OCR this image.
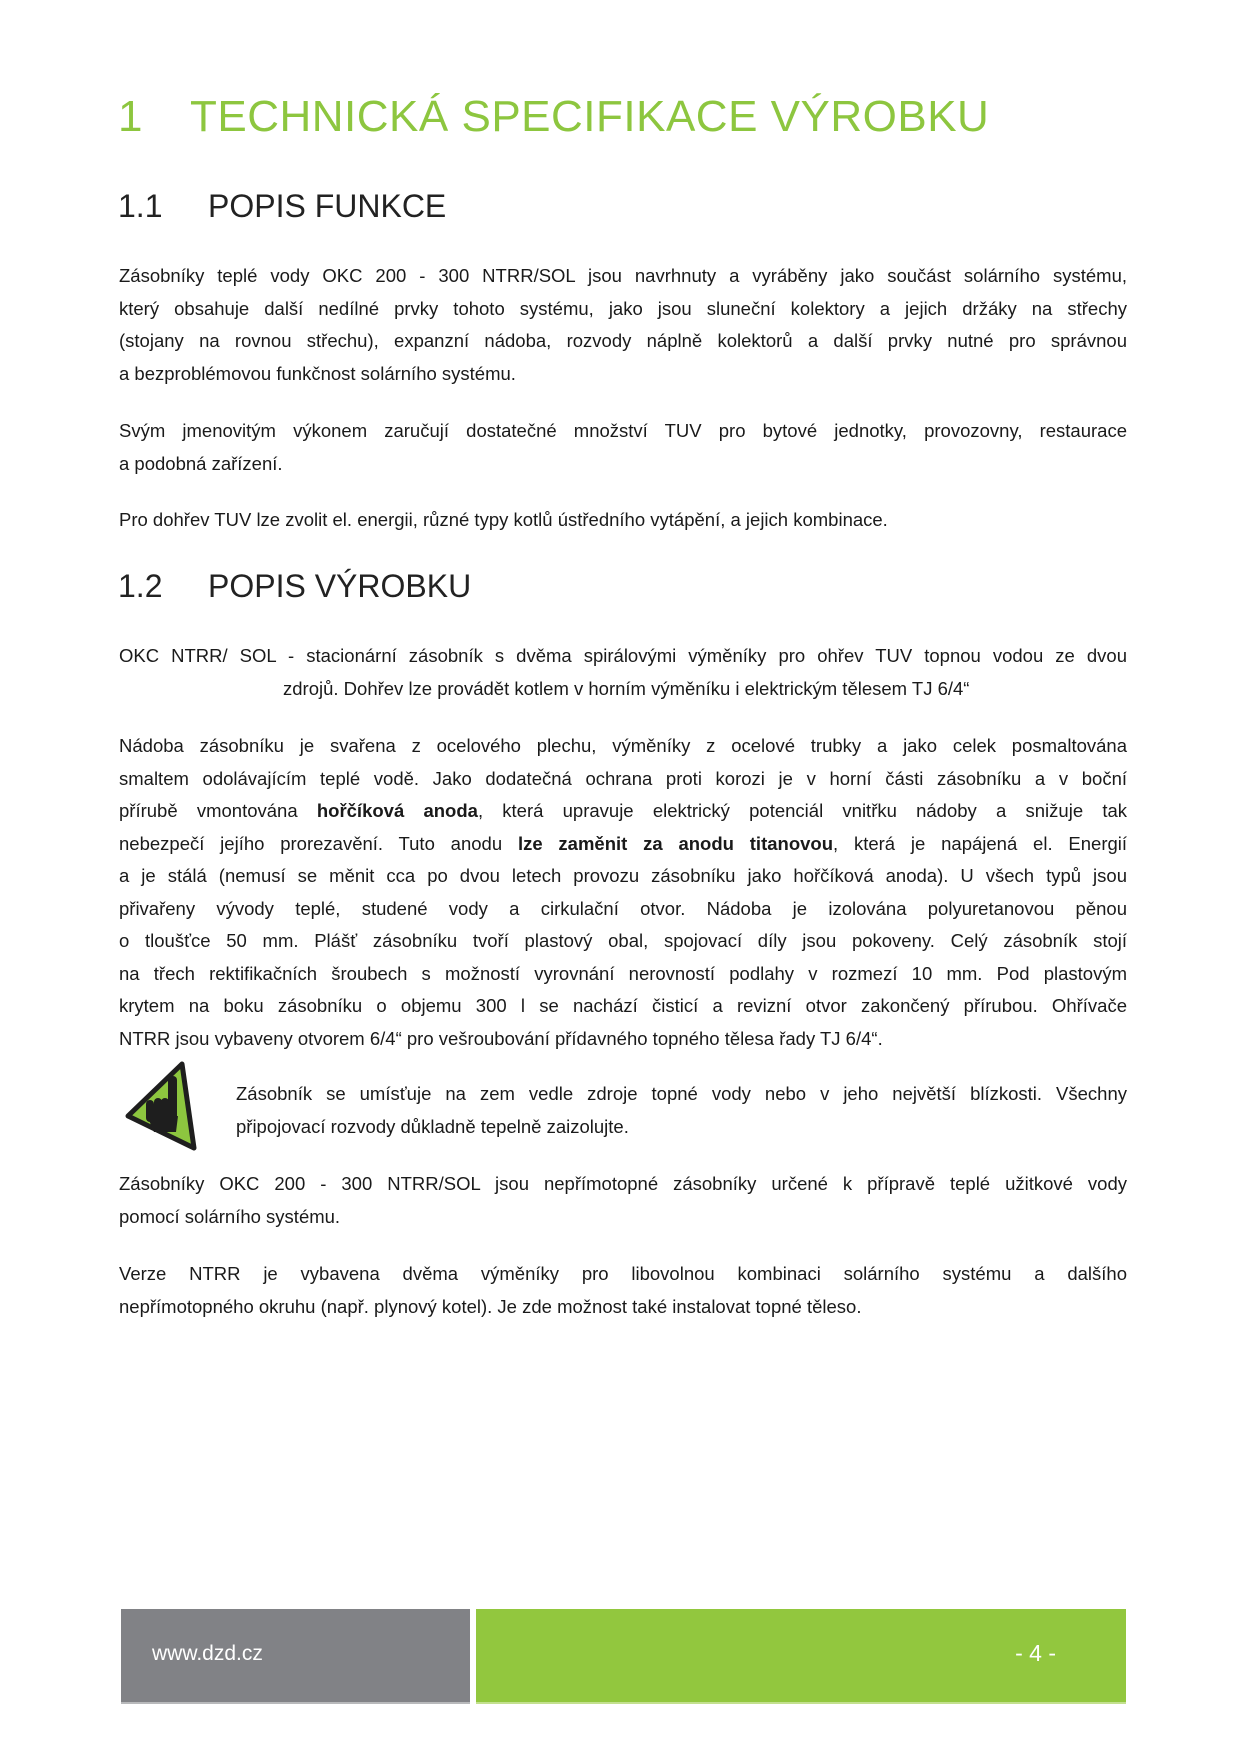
1 TECHNICKÁ SPECIFIKACE VÝROBKU
1.1 POPIS FUNKCE
Zásobníky teplé vody OKC 200 - 300 NTRR/SOL jsou navrhnuty a vyráběny jako součást solárního systému,
který obsahuje další nedílné prvky tohoto systému, jako jsou sluneční kolektory a jejich držáky na střechy
(stojany na rovnou střechu), expanzní nádoba, rozvody náplně kolektorů a další prvky nutné pro správnou
a bezproblémovou funkčnost solárního systému.
Svým jmenovitým výkonem zaručují dostatečné množství TUV pro bytové jednotky, provozovny, restaurace
a podobná zařízení.
Pro dohřev TUV lze zvolit el. energii, různé typy kotlů ústředního vytápění, a jejich kombinace.
1.2 POPIS VÝROBKU
OKC NTRR/ SOL - stacionární zásobník s dvěma spirálovými výměníky pro ohřev TUV topnou vodou ze dvou
zdrojů. Dohřev lze provádět kotlem v horním výměníku i elektrickým tělesem TJ 6/4“
Nádoba zásobníku je svařena z ocelového plechu, výměníky z ocelové trubky a jako celek posmaltována
smaltem odolávajícím teplé vodě. Jako dodatečná ochrana proti korozi je v horní části zásobníku a v boční
přírubě vmontována hořčíková anoda, která upravuje elektrický potenciál vnitřku nádoby a snižuje tak
nebezpečí jejího prorezavění. Tuto anodu lze zaměnit za anodu titanovou, která je napájená el. Energií
a je stálá (nemusí se měnit cca po dvou letech provozu zásobníku jako hořčíková anoda). U všech typů jsou
přivařeny vývody teplé, studené vody a cirkulační otvor. Nádoba je izolována polyuretanovou pěnou
o tloušťce 50 mm. Plášť zásobníku tvoří plastový obal, spojovací díly jsou pokoveny. Celý zásobník stojí
na třech rektifikačních šroubech s možností vyrovnání nerovností podlahy v rozmezí 10 mm. Pod plastovým
krytem na boku zásobníku o objemu 300 l se nachází čisticí a revizní otvor zakončený přírubou. Ohřívače
NTRR jsou vybaveny otvorem 6/4“ pro vešroubování přídavného topného tělesa řady TJ 6/4“.
Zásobník se umísťuje na zem vedle zdroje topné vody nebo v jeho největší blízkosti. Všechny
připojovací rozvody důkladně tepelně zaizolujte.
Zásobníky OKC 200 - 300 NTRR/SOL jsou nepřímotopné zásobníky určené k přípravě teplé užitkové vody
pomocí solárního systému.
Verze NTRR je vybavena dvěma výměníky pro libovolnou kombinaci solárního systému a dalšího
nepřímotopného okruhu (např. plynový kotel). Je zde možnost také instalovat topné těleso.
www.dzd.cz	- 4 -
